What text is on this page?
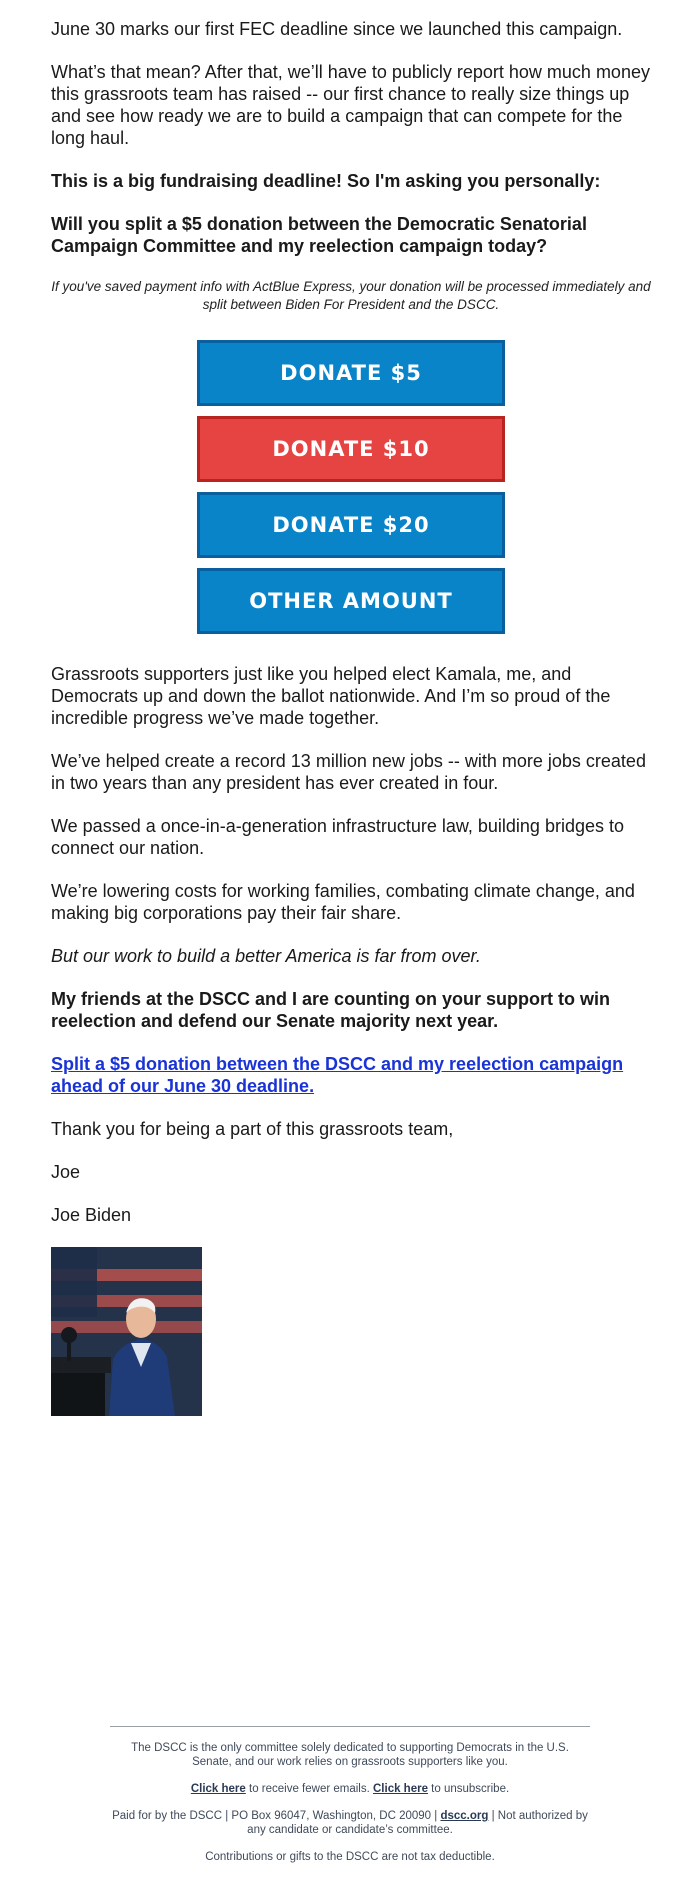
June 30 marks our first FEC deadline since we launched this campaign.

What’s that mean? After that, we’ll have to publicly report how much money this grassroots team has raised -- our first chance to really size things up and see how ready we are to build a campaign that can compete for the long haul.

This is a big fundraising deadline! So I'm asking you personally:

Will you split a $5 donation between the Democratic Senatorial Campaign Committee and my reelection campaign today?

If you've saved payment info with ActBlue Express, your donation will be processed immediately and split between Biden For President and the DSCC.

DONATE $5
DONATE $10
DONATE $20
OTHER AMOUNT

Grassroots supporters just like you helped elect Kamala, me, and Democrats up and down the ballot nationwide. And I’m so proud of the incredible progress we’ve made together.

We’ve helped create a record 13 million new jobs -- with more jobs created in two years than any president has ever created in four.

We passed a once-in-a-generation infrastructure law, building bridges to connect our nation.

We’re lowering costs for working families, combating climate change, and making big corporations pay their fair share.

But our work to build a better America is far from over.

My friends at the DSCC and I are counting on your support to win reelection and defend our Senate majority next year.

Split a $5 donation between the DSCC and my reelection campaign ahead of our June 30 deadline.

Thank you for being a part of this grassroots team,

Joe

Joe Biden

The DSCC is the only committee solely dedicated to supporting Democrats in the U.S. Senate, and our work relies on grassroots supporters like you.

Click here to receive fewer emails. Click here to unsubscribe.

Paid for by the DSCC | PO Box 96047, Washington, DC 20090 | dscc.org | Not authorized by any candidate or candidate’s committee.

Contributions or gifts to the DSCC are not tax deductible.
